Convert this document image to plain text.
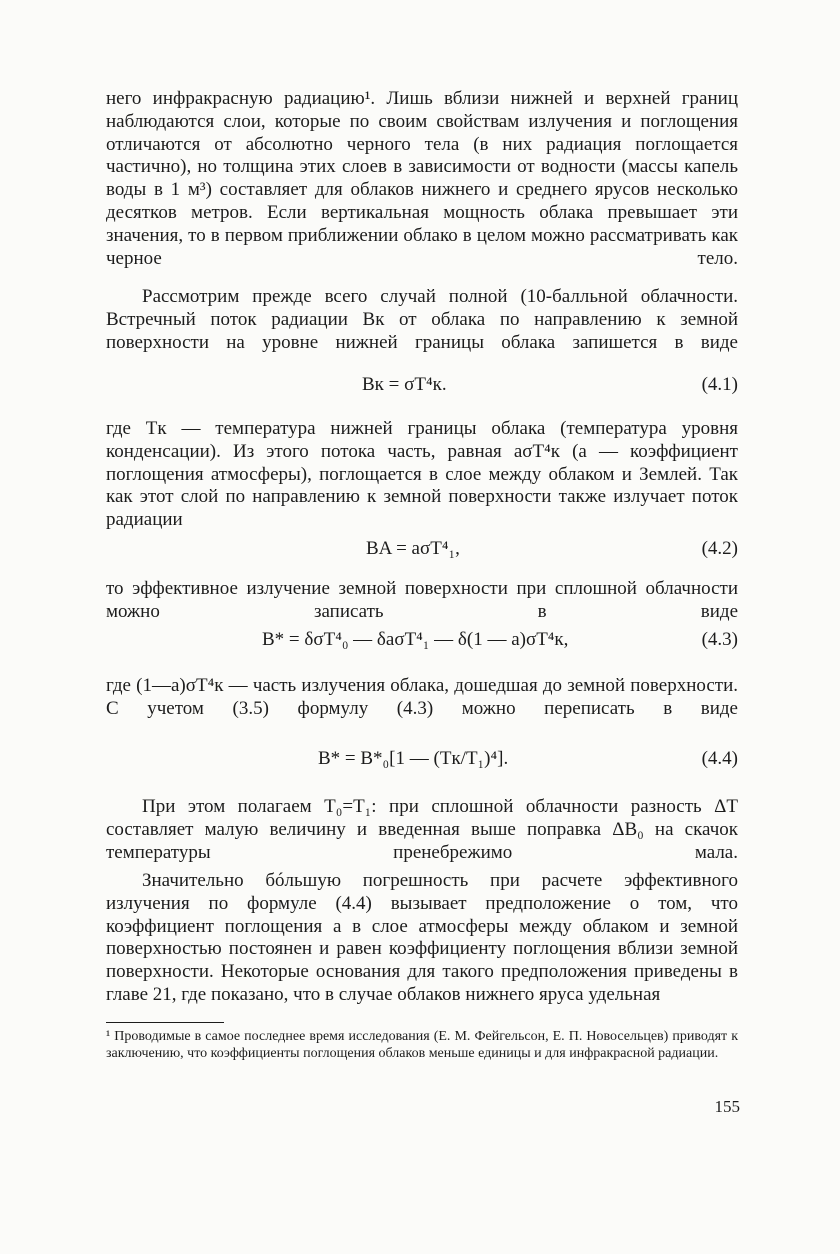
него инфракрасную радиацию¹. Лишь вблизи нижней и верхней границ наблюдаются слои, которые по своим свойствам излучения и поглощения отличаются от абсолютно черного тела (в них радиация поглощается частично), но толщина этих слоев в зависимости от водности (массы капель воды в 1 м³) составляет для облаков нижнего и среднего ярусов несколько десятков метров. Если вертикальная мощность облака превышает эти значения, то в первом приближении облако в целом можно рассматривать как черное тело.
Рассмотрим прежде всего случай полной (10-балльной облачности. Встречный поток радиации Bк от облака по направлению к земной поверхности на уровне нижней границы облака запишется в виде
Bк = σT⁴к.	(4.1)
где Tк — температура нижней границы облака (температура уровня конденсации). Из этого потока часть, равная aσT⁴к (a — коэффициент поглощения атмосферы), поглощается в слое между облаком и Землей. Так как этот слой по направлению к земной поверхности также излучает поток радиации
BA = aσT⁴₁,	(4.2)
то эффективное излучение земной поверхности при сплошной облачности можно записать в виде
B* = δσT⁴₀ — δaσT⁴₁ — δ(1 — a)σT⁴к,	(4.3)
где (1—a)σT⁴к — часть излучения облака, дошедшая до земной поверхности. С учетом (3.5) формулу (4.3) можно переписать в виде
B* = B*₀[1 — (Tк/T₁)⁴].	(4.4)
При этом полагаем T₀=T₁: при сплошной облачности разность ΔT составляет малую величину и введенная выше поправка ΔB₀ на скачок температуры пренебрежимо мала.
Значительно бóльшую погрешность при расчете эффективного излучения по формуле (4.4) вызывает предположение о том, что коэффициент поглощения a в слое атмосферы между облаком и земной поверхностью постоянен и равен коэффициенту поглощения вблизи земной поверхности. Некоторые основания для такого предположения приведены в главе 21, где показано, что в случае облаков нижнего яруса удельная
¹ Проводимые в самое последнее время исследования (Е. М. Фейгельсон, Е. П. Новосельцев) приводят к заключению, что коэффициенты поглощения облаков меньше единицы и для инфракрасной радиации.
155
